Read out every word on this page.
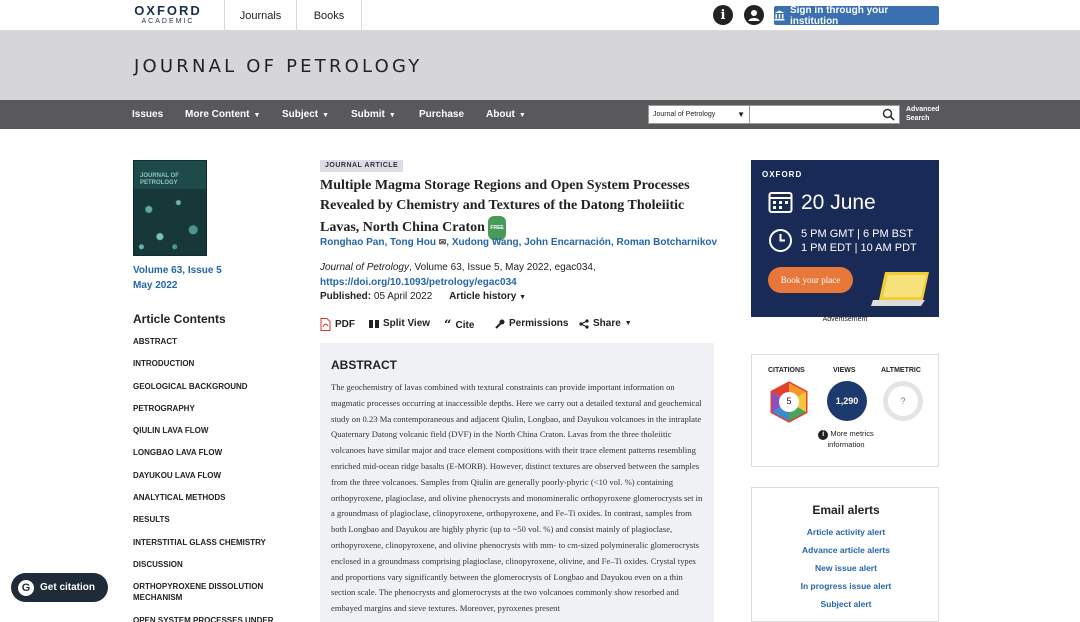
OXFORD
ACADEMIC	Journals	Books	i	Sign in through your institution
JOURNAL OF PETROLOGY
Issues More Content ▼ Subject ▼ Submit ▼ Purchase About ▼	Journal of Petrology	▼
Advanced
Search
JOURNAL OF PETROLOGY
Volume 63, Issue 5
May 2022
Article Contents
ABSTRACT
INTRODUCTION
GEOLOGICAL BACKGROUND
PETROGRAPHY
QIULIN LAVA FLOW
LONGBAO LAVA FLOW
DAYUKOU LAVA FLOW
ANALYTICAL METHODS
RESULTS
INTERSTITIAL GLASS CHEMISTRY
DISCUSSION
ORTHOPYROXENE DISSOLUTION MECHANISM
OPEN SYSTEM PROCESSES UNDER
JOURNAL ARTICLE
Multiple Magma Storage Regions and Open System Processes Revealed by Chemistry and Textures of the Datong Tholeiitic Lavas, North China Craton FREE
Ronghao Pan, Tong Hou ✉, Xudong Wang, John Encarnación, Roman Botcharnikov
Journal of Petrology, Volume 63, Issue 5, May 2022, egac034,
https://doi.org/10.1093/petrology/egac034
Published: 05 April 2022 Article history ▼
PDF	Split View “ Cite	Permissions Share ▼
ABSTRACT

The geochemistry of lavas combined with textural constraints can provide important information on magmatic processes occurring at inaccessible depths. Here we carry out a detailed textural and geochemical study on 0.23 Ma contemporaneous and adjacent Qiulin, Longbao, and Dayukou volcanoes in the intraplate Quaternary Datong volcanic field (DVF) in the North China Craton. Lavas from the three tholeiitic volcanoes have similar major and trace element compositions with their trace element patterns resembling enriched mid-ocean ridge basalts (E-MORB). However, distinct textures are observed between the samples from the three volcanoes. Samples from Qiulin are generally poorly-phyric (<10 vol. %) containing orthopyroxene, plagioclase, and olivine phenocrysts and monomineralic orthopyroxene glomerocrysts set in a groundmass of plagioclase, clinopyroxene, orthopyroxene, and Fe–Ti oxides. In contrast, samples from both Longbao and Dayukou are highly phyric (up to ~50 vol. %) and consist mainly of plagioclase, orthopyroxene, clinopyroxene, and olivine phenocrysts with mm- to cm-sized polymineralic glomerocrysts enclosed in a groundmass comprising plagioclase, clinopyroxene, olivine, and Fe–Ti oxides. Crystal types and proportions vary significantly between the glomerocrysts of Longbao and Dayukou even on a thin section scale. The phenocrysts and glomerocrysts at the two volcanoes commonly show resorbed and embayed margins and sieve textures. Moreover, pyroxenes present

OXFORD
20 June
5 PM GMT | 6 PM BST
1 PM EDT | 10 AM PDT
Book your place
Advertisement
CITATIONS	VIEWS	ALTMETRIC
5	1,290	?
i More metrics
information
Email alerts
Article activity alert
Advance article alerts
New issue alert
In progress issue alert
Subject alert
G Get citation
